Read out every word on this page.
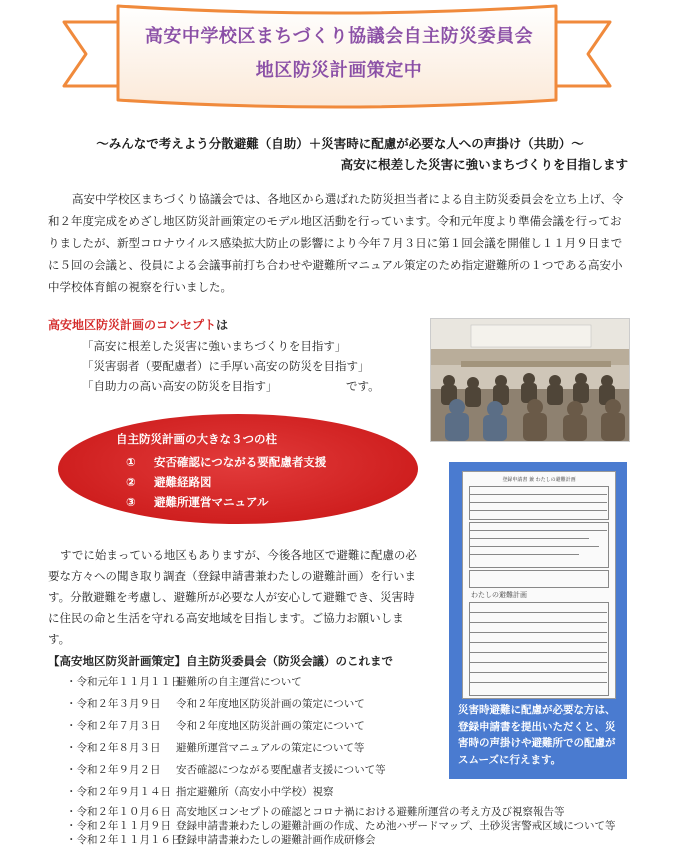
高安中学校区まちづくり協議会自主防災委員会
地区防災計画策定中
～みんなで考えよう分散避難（自助）＋災害時に配慮が必要な人への声掛け（共助）～
高安に根差した災害に強いまちづくりを目指します

高安中学校区まちづくり協議会では、各地区から選ばれた防災担当者による自主防災委員会を立ち上げ、令和２年度完成をめざし地区防災計画策定のモデル地区活動を行っています。令和元年度より準備会議を行っておりましたが、新型コロナウイルス感染拡大防止の影響により今年７月３日に第１回会議を開催し１１月９日までに５回の会議と、役員による会議事前打ち合わせや避難所マニュアル策定のため指定避難所の１つである高安小中学校体育館の視察を行いました。

高安地区防災計画のコンセプトは
「高安に根差した災害に強いまちづくりを目指す」
「災害弱者（要配慮者）に手厚い高安の防災を目指す」
「自助力の高い高安の防災を目指す」	です。
自主防災計画の大きな３つの柱
① 安否確認につながる要配慮者支援
② 避難経路図
③ 避難所運営マニュアル

すでに始まっている地区もありますが、今後各地区で避難に配慮の必要な方々への聞き取り調査（登録申請書兼わたしの避難計画）を行います。分散避難を考慮し、避難所が必要な人が安心して避難でき、災害時に住民の命と生活を守れる高安地域を目指します。ご協力お願いします。

登録申請書 兼 わたしの避難計画
わたしの避難計画

災害時避難に配慮が必要な方は、登録申請書を提出いただくと、災害時の声掛けや避難所での配慮がスムーズに行えます。

【高安地区防災計画策定】自主防災委員会（防災会議）のこれまで
・令和元年１１月１１日
避難所の自主運営について
・令和２年３月９日 令和２年度地区防災計画の策定について
・令和２年７月３日 令和２年度地区防災計画の策定について
・令和２年８月３日 避難所運営マニュアルの策定について等
・令和２年９月２日 安否確認につながる要配慮者支援について等
・令和２年９月１４日 指定避難所（高安小中学校）視察
・令和２年１０月６日 高安地区コンセプトの確認とコロナ禍における避難所運営の考え方及び視察報告等
・令和２年１１月９日 登録申請書兼わたしの避難計画の作成、ため池ハザードマップ、土砂災害警戒区域について等
・令和２年１１月１６日
登録申請書兼わたしの避難計画作成研修会
